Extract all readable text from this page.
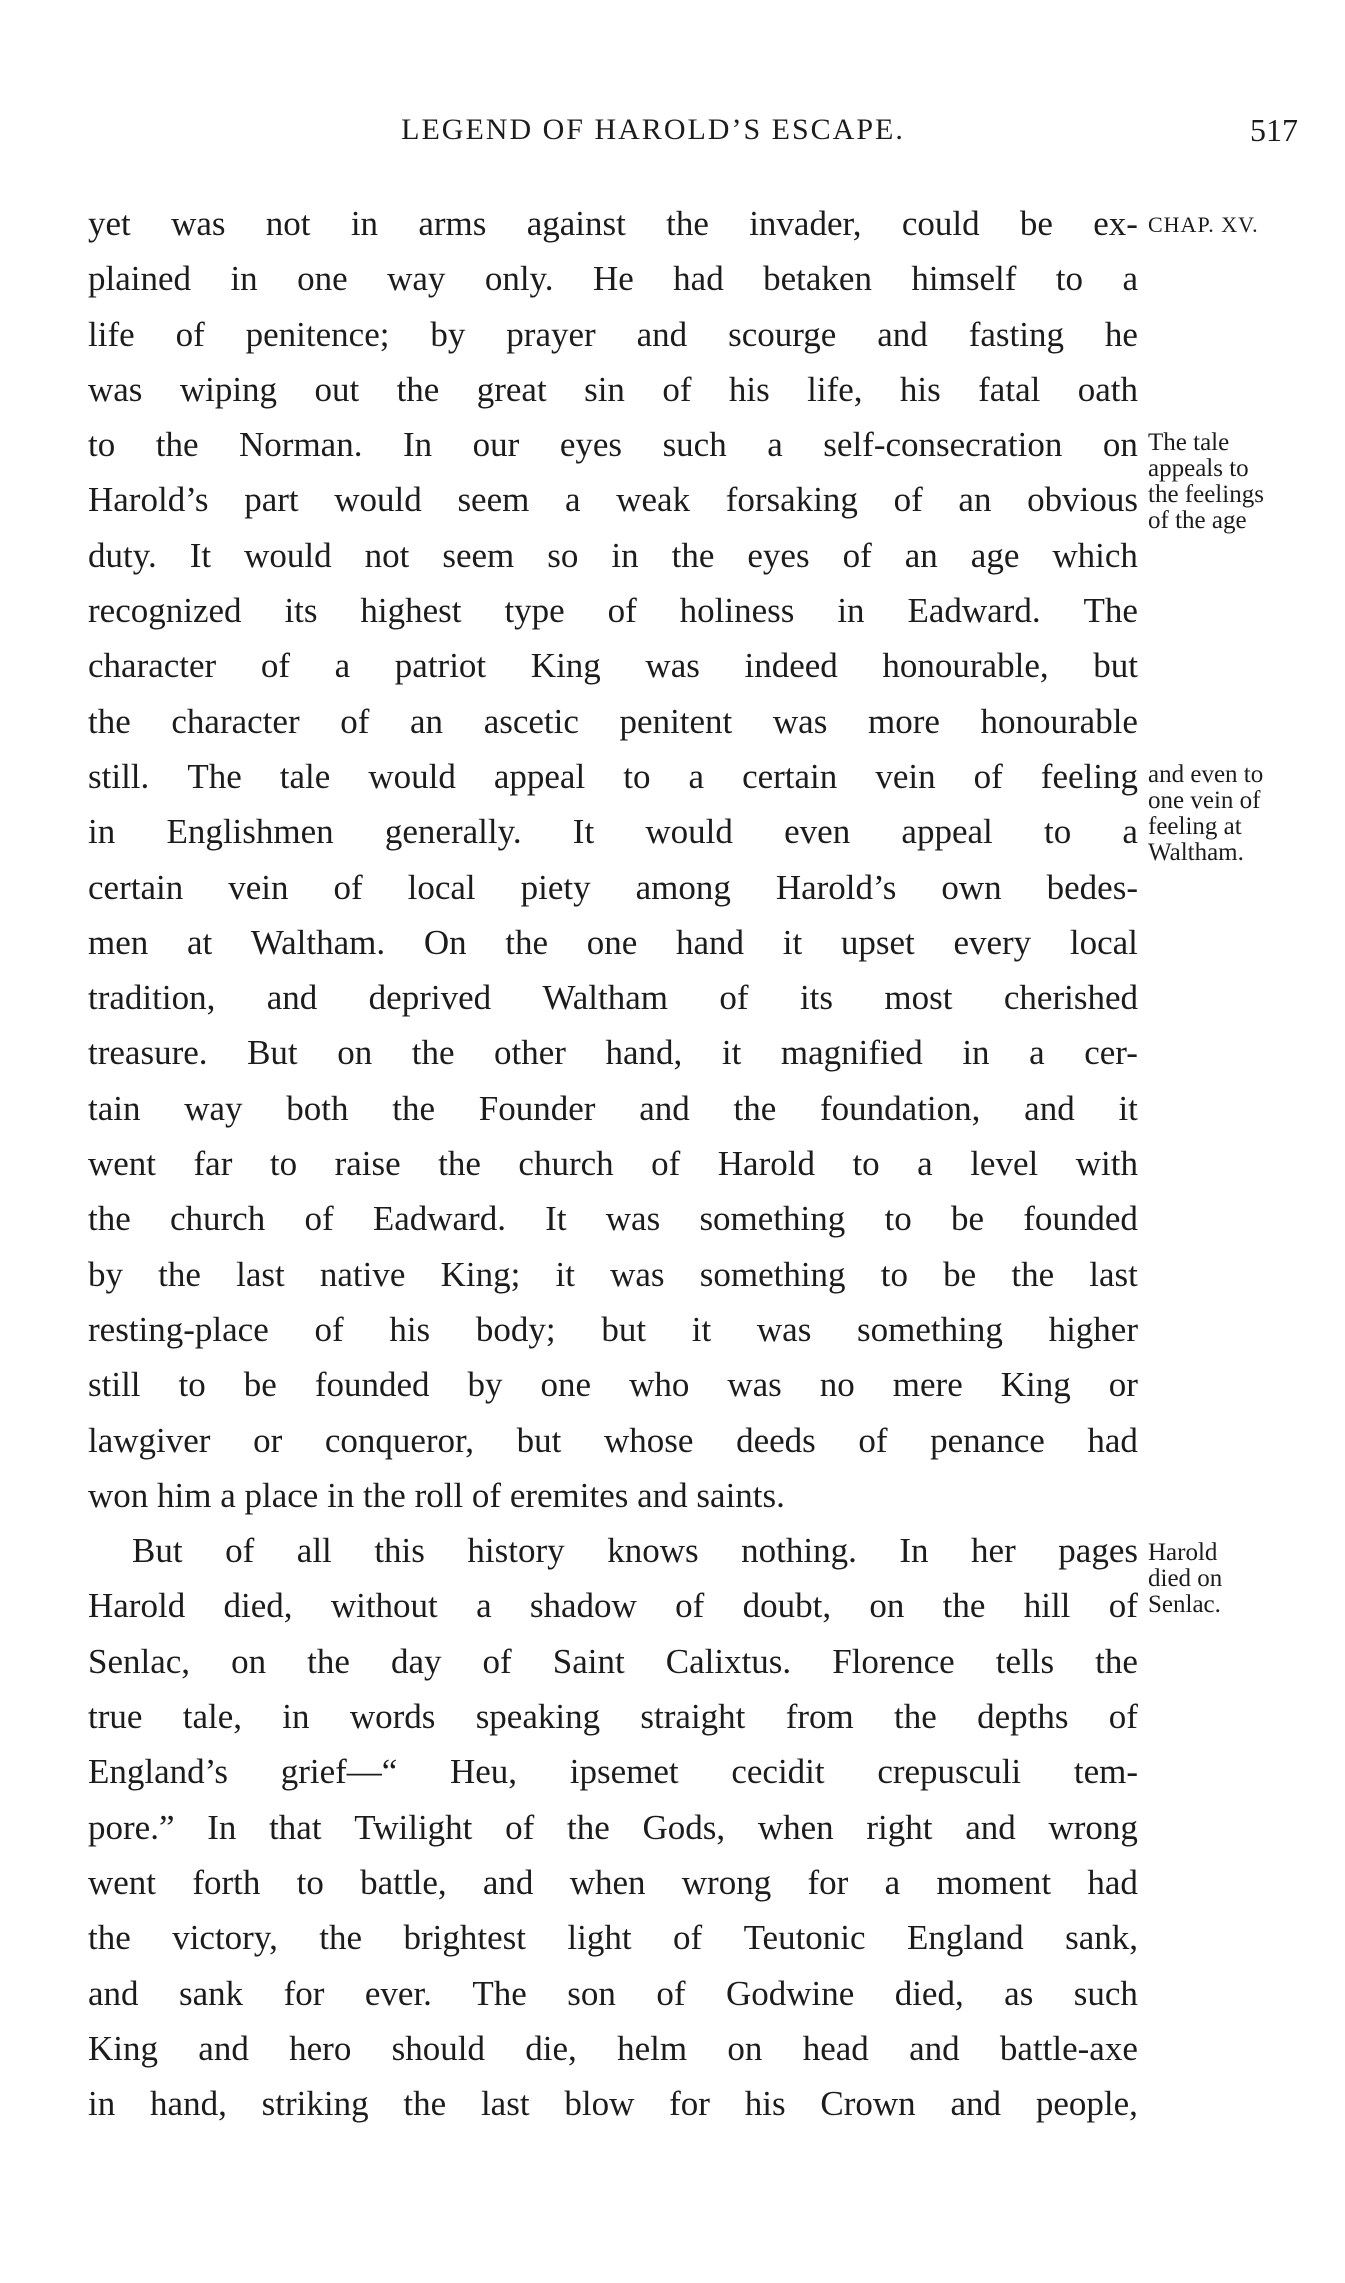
LEGEND OF HAROLD’S ESCAPE.	517
yet was not in arms against the invader, could be ex-
plained in one way only. He had betaken himself to a
life of penitence; by prayer and scourge and fasting he
was wiping out the great sin of his life, his fatal oath
to the Norman. In our eyes such a self-consecration on
Harold’s part would seem a weak forsaking of an obvious
duty. It would not seem so in the eyes of an age which
recognized its highest type of holiness in Eadward. The
character of a patriot King was indeed honourable, but
the character of an ascetic penitent was more honourable
still. The tale would appeal to a certain vein of feeling
in Englishmen generally. It would even appeal to a
certain vein of local piety among Harold’s own bedes-
men at Waltham. On the one hand it upset every local
tradition, and deprived Waltham of its most cherished
treasure. But on the other hand, it magnified in a cer-
tain way both the Founder and the foundation, and it
went far to raise the church of Harold to a level with
the church of Eadward. It was something to be founded
by the last native King; it was something to be the last
resting-place of his body; but it was something higher
still to be founded by one who was no mere King or
lawgiver or conqueror, but whose deeds of penance had
won him a place in the roll of eremites and saints.
But of all this history knows nothing. In her pages
Harold died, without a shadow of doubt, on the hill of
Senlac, on the day of Saint Calixtus. Florence tells the
true tale, in words speaking straight from the depths of
England’s grief—“ Heu, ipsemet cecidit crepusculi tem-
pore.” In that Twilight of the Gods, when right and wrong
went forth to battle, and when wrong for a moment had
the victory, the brightest light of Teutonic England sank,
and sank for ever. The son of Godwine died, as such
King and hero should die, helm on head and battle-axe
in hand, striking the last blow for his Crown and people,
CHAP. XV.
The tale
appeals to
the feelings
of the age
and even to
one vein of
feeling at
Waltham.
Harold
died on
Senlac.
